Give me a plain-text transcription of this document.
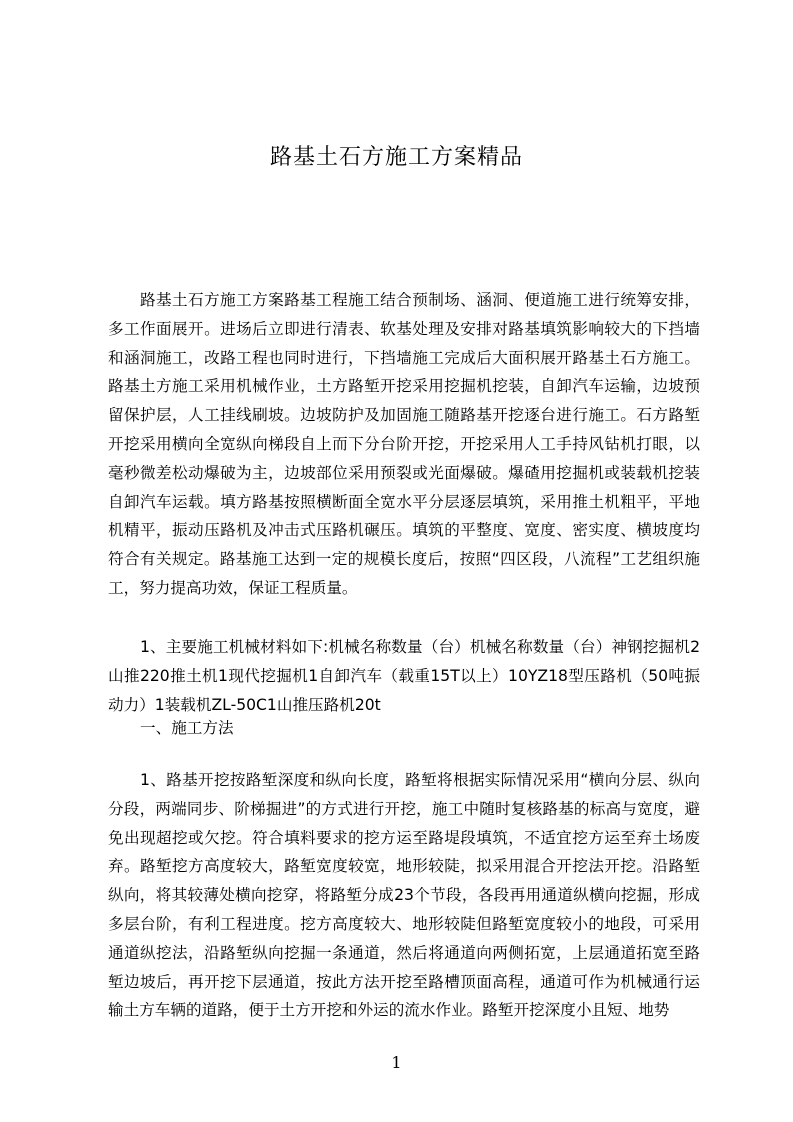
路基土石方施工方案精品
路基土石方施工方案路基工程施工结合预制场、涵洞、便道施工进行统筹安排，多工作面展开。进场后立即进行清表、软基处理及安排对路基填筑影响较大的下挡墙和涵洞施工，改路工程也同时进行，下挡墙施工完成后大面积展开路基土石方施工。路基土方施工采用机械作业，土方路堑开挖采用挖掘机挖装，自卸汽车运输，边坡预留保护层，人工挂线刷坡。边坡防护及加固施工随路基开挖逐台进行施工。石方路堑开挖采用横向全宽纵向梯段自上而下分台阶开挖，开挖采用人工手持风钻机打眼，以毫秒微差松动爆破为主，边坡部位采用预裂或光面爆破。爆碴用挖掘机或装载机挖装自卸汽车运载。填方路基按照横断面全宽水平分层逐层填筑，采用推土机粗平，平地机精平，振动压路机及冲击式压路机碾压。填筑的平整度、宽度、密实度、横坡度均符合有关规定。路基施工达到一定的规模长度后，按照“四区段，八流程”工艺组织施工，努力提高功效，保证工程质量。
1、主要施工机械材料如下:机械名称数量（台）机械名称数量（台）神钢挖掘机2山推220推土机1现代挖掘机1自卸汽车（载重15T以上）10YZ18型压路机（50吨振动力）1装载机ZL-50C1山推压路机20t
一、施工方法
1、路基开挖按路堑深度和纵向长度，路堑将根据实际情况采用“横向分层、纵向分段，两端同步、阶梯掘进”的方式进行开挖，施工中随时复核路基的标高与宽度，避免出现超挖或欠挖。符合填料要求的挖方运至路堤段填筑，不适宜挖方运至弃土场废弃。路堑挖方高度较大，路堑宽度较宽，地形较陡，拟采用混合开挖法开挖。沿路堑纵向，将其较薄处横向挖穿，将路堑分成23个节段，各段再用通道纵横向挖掘，形成多层台阶，有利工程进度。挖方高度较大、地形较陡但路堑宽度较小的地段，可采用通道纵挖法，沿路堑纵向挖掘一条通道，然后将通道向两侧拓宽，上层通道拓宽至路堑边坡后，再开挖下层通道，按此方法开挖至路槽顶面高程，通道可作为机械通行运输土方车辆的道路，便于土方开挖和外运的流水作业。路堑开挖深度小且短、地势
1
